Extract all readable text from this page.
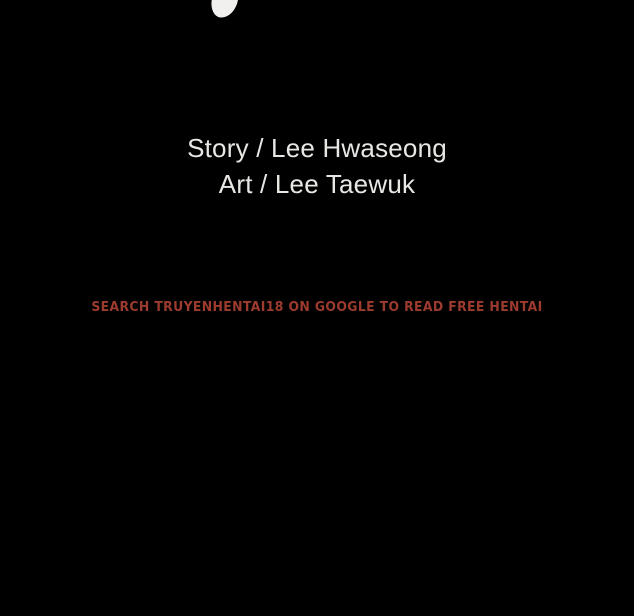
Story / Lee Hwaseong
Art / Lee Taewuk
SEARCH TRUYENHENTAI18 ON GOOGLE TO READ FREE HENTAI
